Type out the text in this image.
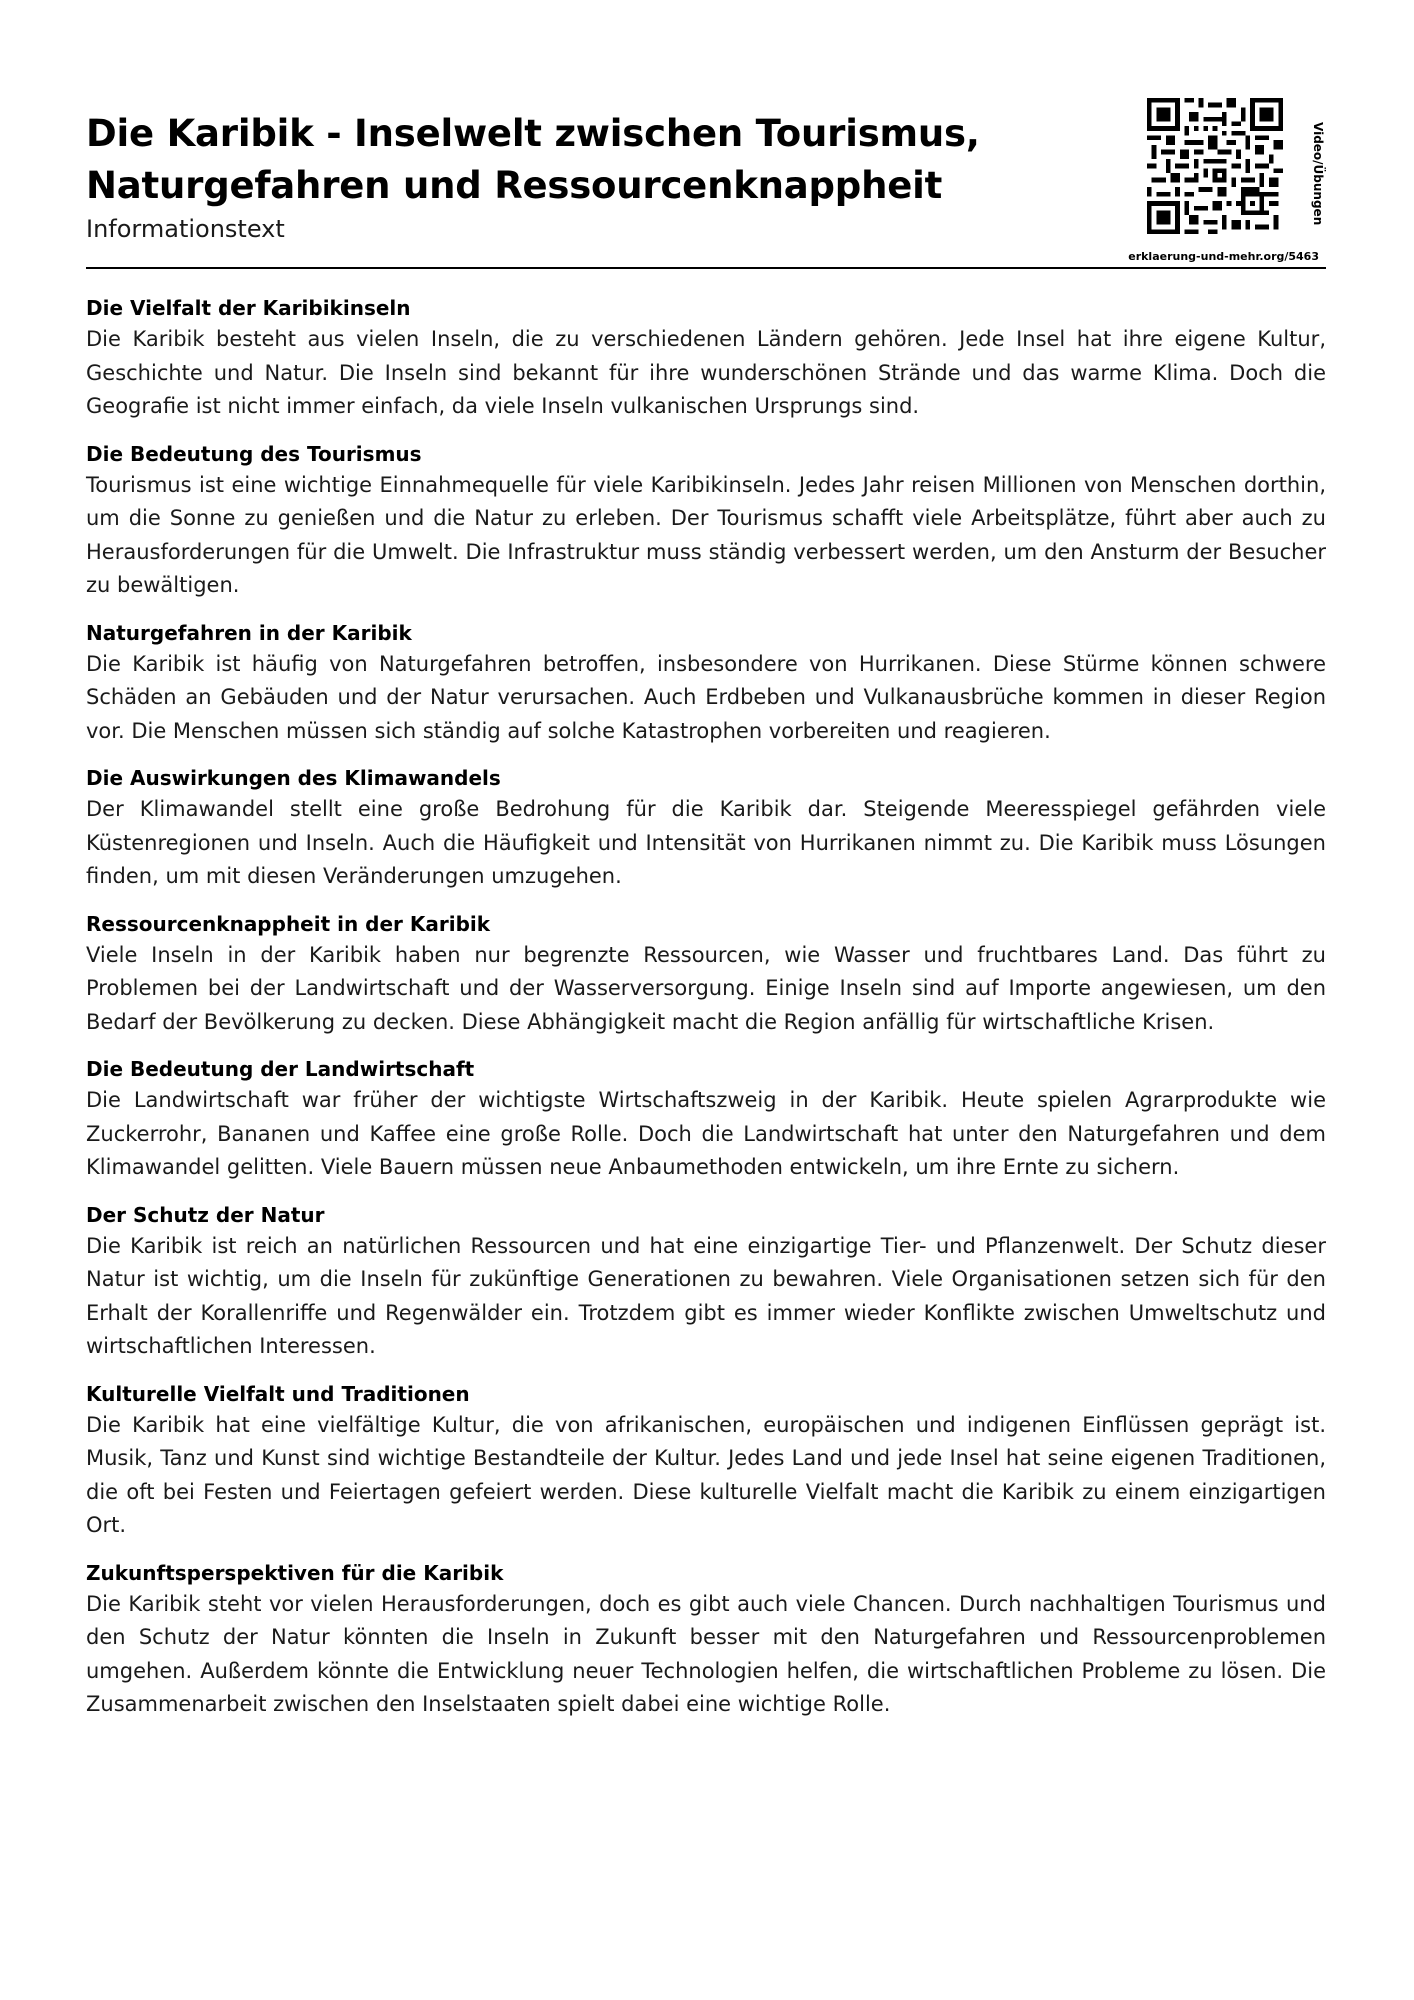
Die Karibik - Inselwelt zwischen Tourismus,
Naturgefahren und Ressourcenknappheit
Informationstext
Video/Übungen
erklaerung-und-mehr.org/5463
Die Vielfalt der Karibikinseln

Die Karibik besteht aus vielen Inseln, die zu verschiedenen Ländern gehören. Jede Insel hat ihre eigene Kultur, Geschichte und Natur. Die Inseln sind bekannt für ihre wunderschönen Strände und das warme Klima. Doch die Geografie ist nicht immer einfach, da viele Inseln vulkanischen Ursprungs sind.

Die Bedeutung des Tourismus

Tourismus ist eine wichtige Einnahmequelle für viele Karibikinseln. Jedes Jahr reisen Millionen von Menschen dorthin, um die Sonne zu genießen und die Natur zu erleben. Der Tourismus schafft viele Arbeitsplätze, führt aber auch zu Herausforderungen für die Umwelt. Die Infrastruktur muss ständig verbessert werden, um den Ansturm der Besucher zu bewältigen.

Naturgefahren in der Karibik

Die Karibik ist häufig von Naturgefahren betroffen, insbesondere von Hurrikanen. Diese Stürme können schwere Schäden an Gebäuden und der Natur verursachen. Auch Erdbeben und Vulkanausbrüche kommen in dieser Region vor. Die Menschen müssen sich ständig auf solche Katastrophen vorbereiten und reagieren.

Die Auswirkungen des Klimawandels

Der Klimawandel stellt eine große Bedrohung für die Karibik dar. Steigende Meeresspiegel gefährden viele Küstenregionen und Inseln. Auch die Häufigkeit und Intensität von Hurrikanen nimmt zu. Die Karibik muss Lösungen finden, um mit diesen Veränderungen umzugehen.

Ressourcenknappheit in der Karibik

Viele Inseln in der Karibik haben nur begrenzte Ressourcen, wie Wasser und fruchtbares Land. Das führt zu Problemen bei der Landwirtschaft und der Wasserversorgung. Einige Inseln sind auf Importe angewiesen, um den Bedarf der Bevölkerung zu decken. Diese Abhängigkeit macht die Region anfällig für wirtschaftliche Krisen.

Die Bedeutung der Landwirtschaft

Die Landwirtschaft war früher der wichtigste Wirtschaftszweig in der Karibik. Heute spielen Agrarprodukte wie Zuckerrohr, Bananen und Kaffee eine große Rolle. Doch die Landwirtschaft hat unter den Naturgefahren und dem Klimawandel gelitten. Viele Bauern müssen neue Anbaumethoden entwickeln, um ihre Ernte zu sichern.

Der Schutz der Natur

Die Karibik ist reich an natürlichen Ressourcen und hat eine einzigartige Tier- und Pflanzenwelt. Der Schutz dieser Natur ist wichtig, um die Inseln für zukünftige Generationen zu bewahren. Viele Organisationen setzen sich für den Erhalt der Korallenriffe und Regenwälder ein. Trotzdem gibt es immer wieder Konflikte zwischen Umweltschutz und wirtschaftlichen Interessen.

Kulturelle Vielfalt und Traditionen

Die Karibik hat eine vielfältige Kultur, die von afrikanischen, europäischen und indigenen Einflüssen geprägt ist. Musik, Tanz und Kunst sind wichtige Bestandteile der Kultur. Jedes Land und jede Insel hat seine eigenen Traditionen, die oft bei Festen und Feiertagen gefeiert werden. Diese kulturelle Vielfalt macht die Karibik zu einem einzigartigen Ort.

Zukunftsperspektiven für die Karibik

Die Karibik steht vor vielen Herausforderungen, doch es gibt auch viele Chancen. Durch nachhaltigen Tourismus und den Schutz der Natur könnten die Inseln in Zukunft besser mit den Naturgefahren und Ressourcenproblemen umgehen. Außerdem könnte die Entwicklung neuer Technologien helfen, die wirtschaftlichen Probleme zu lösen. Die Zusammenarbeit zwischen den Inselstaaten spielt dabei eine wichtige Rolle.
